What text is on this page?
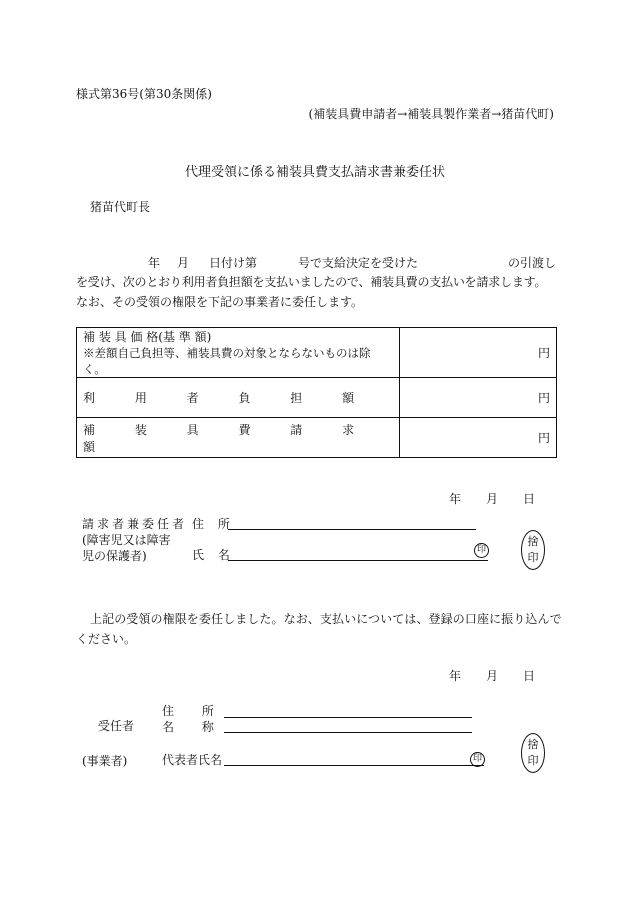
様式第36号(第30条関係)
(補装具費申請者→補装具製作業者→猪苗代町)
代理受領に係る補装具費支払請求書兼委任状
猪苗代町長
年 月 日付け第	号で支給決定を受けた	の引渡し
を受け、次のとおり利用者負担額を支払いましたので、補装具費の支払いを請求します。
なお、その受領の権限を下記の事業者に委任します。
補 装 具 価 格(基 準 額)
※差額自己負担等、補装具費の対象とならないものは除く。	円
利 用 者 負 担 額	円
補 装 具 費 請 求 額	円
年 月 日
請求者兼委任者
(障害児又は障害
児の保護者)
住 所
氏 名	印
捨
印
上記の受領の権限を委任しました。なお、支払いについては、登録の口座に振り込んで
ください。
年 月 日
受任者
(事業者)
住 所
名 称
代表者氏名	印
捨
印
